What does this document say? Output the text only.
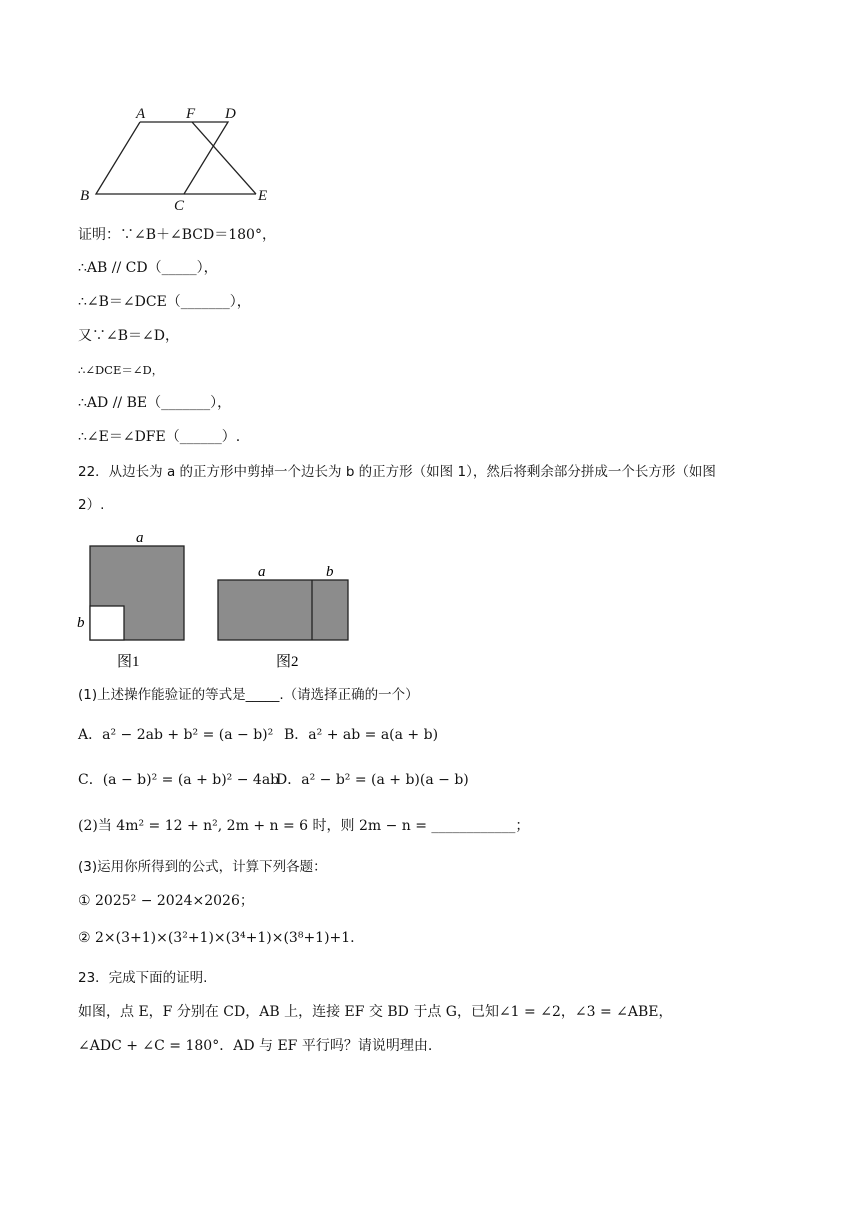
A	F D
B
C
E
证明：∵∠B＋∠BCD＝180°，
∴AB // CD（_____），
∴∠B＝∠DCE（_______），
又∵∠B＝∠D，
∴∠DCE＝∠D，
∴AD // BE（_______），
∴∠E＝∠DFE（______）.
22．从边长为 a 的正方形中剪掉一个边长为 b 的正方形（如图 1），然后将剩余部分拼成一个长方形（如图
2）.
a
b
图1
a	b
图2
(1)上述操作能验证的等式是_____.（请选择正确的一个）
A．a² − 2ab + b² = (a − b)² B．a² + ab = a(a + b)
C．(a − b)² = (a + b)² − 4ab
D．a² − b² = (a + b)(a − b)
(2)当 4m² = 12 + n², 2m + n = 6 时，则 2m − n = ____________；
(3)运用你所得到的公式，计算下列各题：
① 2025² − 2024×2026；
② 2×(3+1)×(3²+1)×(3⁴+1)×(3⁸+1)+1.
23．完成下面的证明.
如图，点 E，F 分别在 CD，AB 上，连接 EF 交 BD 于点 G，已知∠1 = ∠2，∠3 = ∠ABE，
∠ADC + ∠C = 180°．AD 与 EF 平行吗？请说明理由.
